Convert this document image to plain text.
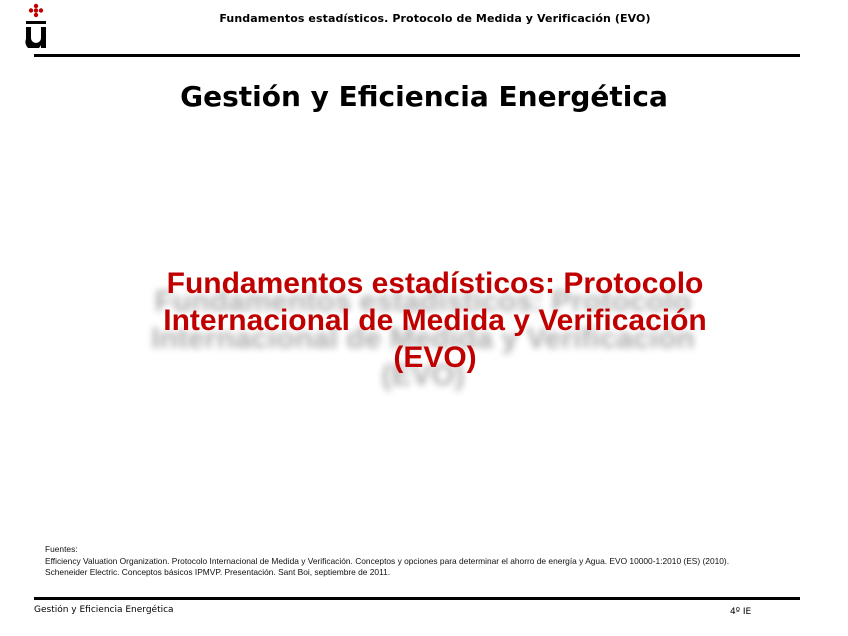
Fundamentos estadísticos. Protocolo de Medida y Verificación (EVO)
Gestión y Eficiencia Energética
Fundamentos estadísticos: Protocolo
Internacional de Medida y Verificación
(EVO)
Fuentes:
Efficiency Valuation Organization. Protocolo Internacional de Medida y Verificación. Conceptos y opciones para determinar el ahorro de energía y Agua. EVO 10000-1:2010 (ES) (2010).
Scheneider Electric. Conceptos básicos IPMVP. Presentación. Sant Boi, septiembre de 2011.
Gestión y Eficiencia Energética	4º IE
